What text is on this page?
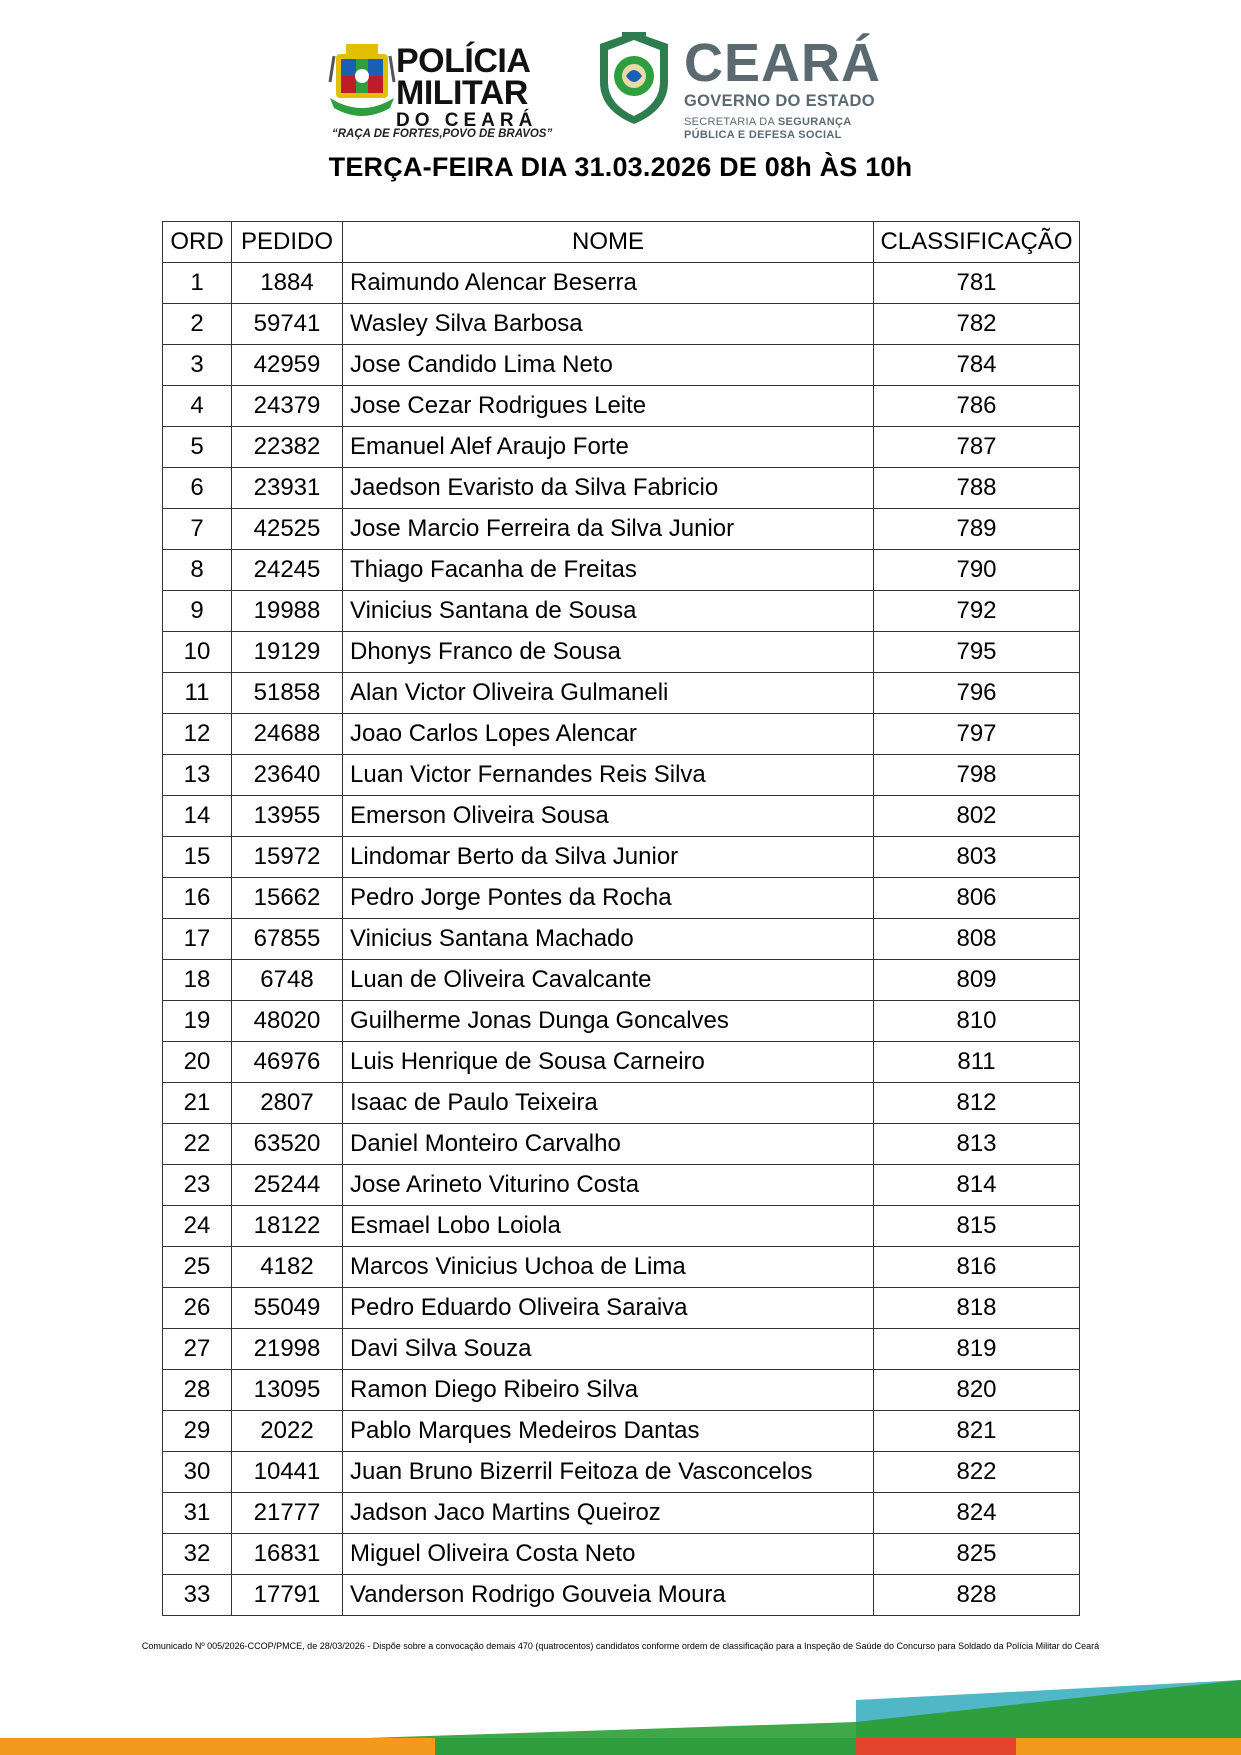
POLÍCIA
MILITAR
DO CEARÁ
“RAÇA DE FORTES,POVO DE BRAVOS”
CEARÁ
GOVERNO DO ESTADO
SECRETARIA DA SEGURANÇA
PÚBLICA E DEFESA SOCIAL
TERÇA-FEIRA DIA 31.03.2026 DE 08h ÀS 10h
ORD	PEDIDO	NOME	CLASSIFICAÇÃO
1	1884	Raimundo Alencar Beserra	781
2	59741	Wasley Silva Barbosa	782
3	42959	Jose Candido Lima Neto	784
4	24379	Jose Cezar Rodrigues Leite	786
5	22382	Emanuel Alef Araujo Forte	787
6	23931	Jaedson Evaristo da Silva Fabricio	788
7	42525	Jose Marcio Ferreira da Silva Junior	789
8	24245	Thiago Facanha de Freitas	790
9	19988	Vinicius Santana de Sousa	792
10	19129	Dhonys Franco de Sousa	795
11	51858	Alan Victor Oliveira Gulmaneli	796
12	24688	Joao Carlos Lopes Alencar	797
13	23640	Luan Victor Fernandes Reis Silva	798
14	13955	Emerson Oliveira Sousa	802
15	15972	Lindomar Berto da Silva Junior	803
16	15662	Pedro Jorge Pontes da Rocha	806
17	67855	Vinicius Santana Machado	808
18	6748	Luan de Oliveira Cavalcante	809
19	48020	Guilherme Jonas Dunga Goncalves	810
20	46976	Luis Henrique de Sousa Carneiro	811
21	2807	Isaac de Paulo Teixeira	812
22	63520	Daniel Monteiro Carvalho	813
23	25244	Jose Arineto Viturino Costa	814
24	18122	Esmael Lobo Loiola	815
25	4182	Marcos Vinicius Uchoa de Lima	816
26	55049	Pedro Eduardo Oliveira Saraiva	818
27	21998	Davi Silva Souza	819
28	13095	Ramon Diego Ribeiro Silva	820
29	2022	Pablo Marques Medeiros Dantas	821
30	10441	Juan Bruno Bizerril Feitoza de Vasconcelos	822
31	21777	Jadson Jaco Martins Queiroz	824
32	16831	Miguel Oliveira Costa Neto	825
33	17791	Vanderson Rodrigo Gouveia Moura	828
Comunicado Nº 005/2026-CCOP/PMCE, de 28/03/2026 - Dispõe sobre a convocação demais 470 (quatrocentos) candidatos conforme ordem de classificação para a Inspeção de Saúde do Concurso para Soldado da Polícia Militar do Ceará
